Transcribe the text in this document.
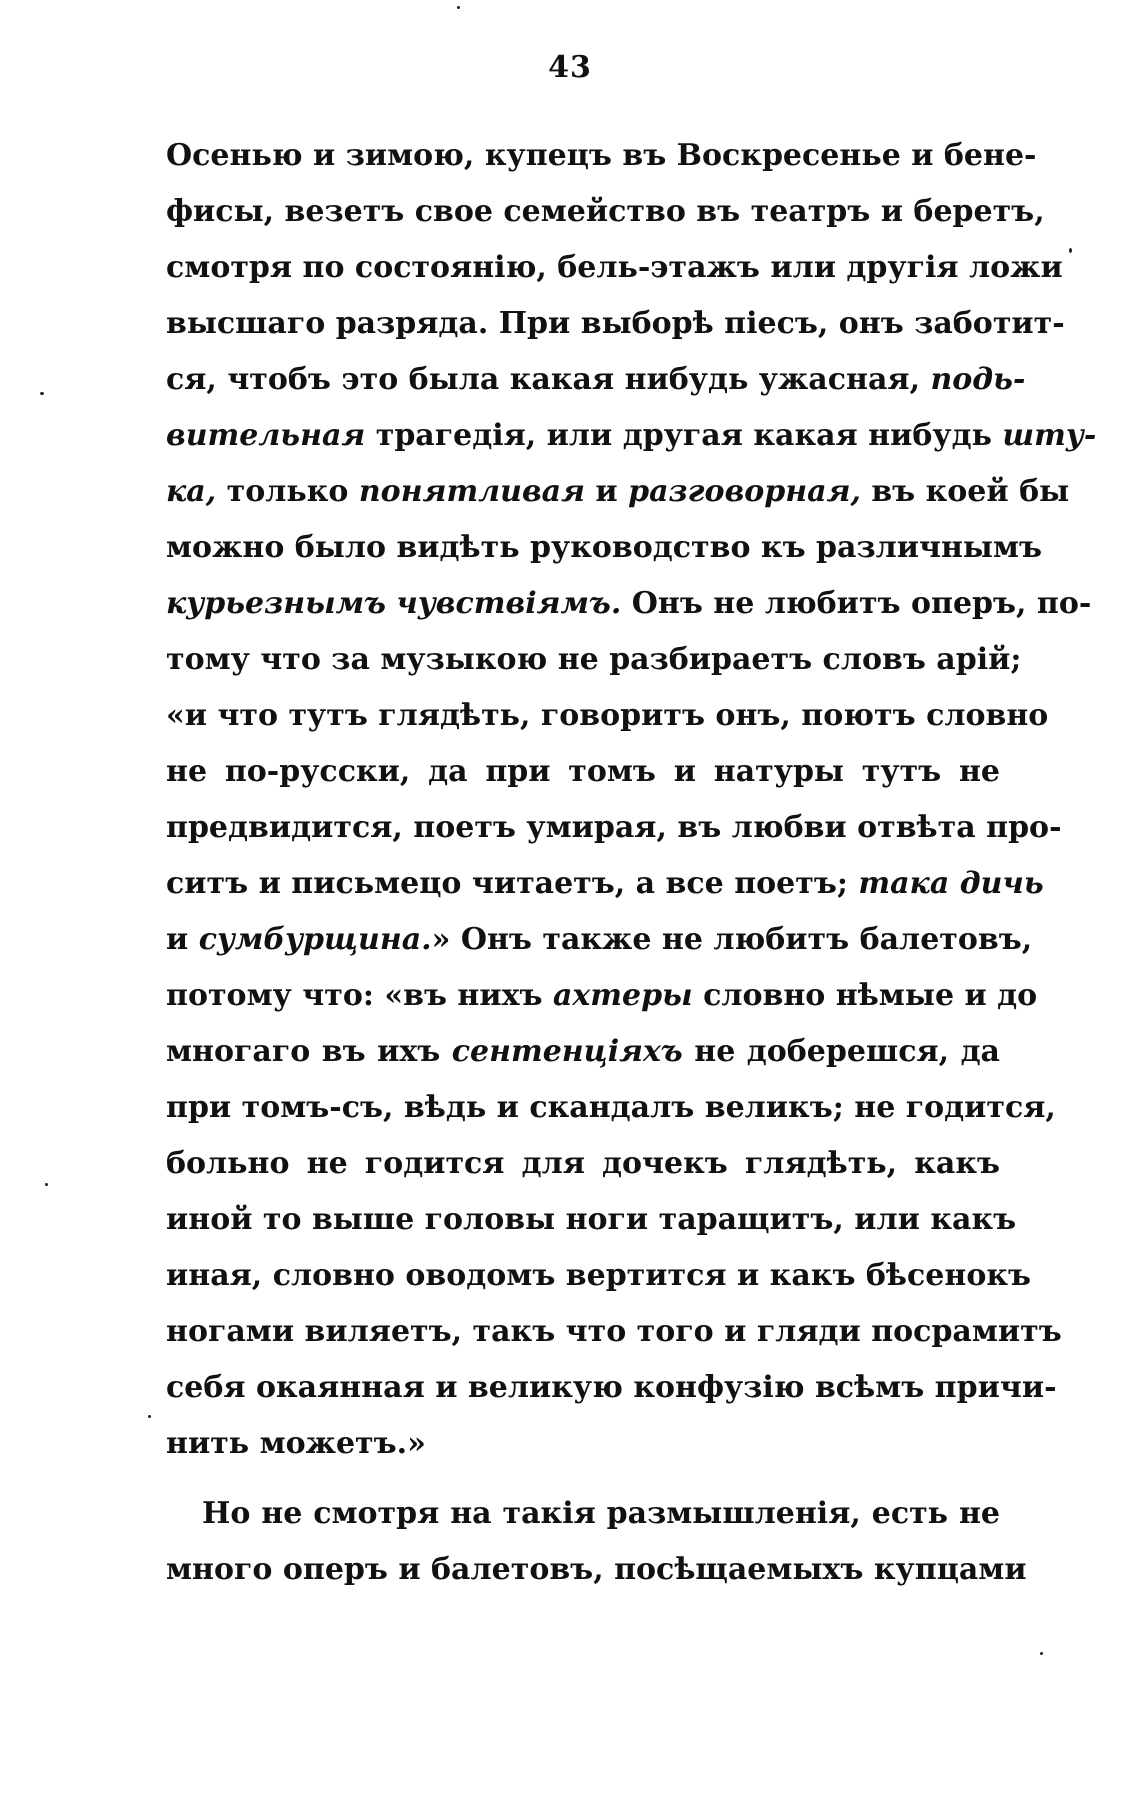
43
Осенью и зимою, купецъ въ Воскресенье и бене-
фисы, везетъ свое семейство въ театръ и беретъ,
смотря по состоянію, бель-этажъ или другія ложи
высшаго разряда. При выборѣ піесъ, онъ заботит-
ся, чтобъ это была какая нибудь ужасная, подь-
вительная трагедія, или другая какая нибудь шту-
ка, только понятливая и разговорная, въ коей бы
можно было видѣть руководство къ различнымъ
курьезнымъ чувствіямъ. Онъ не любитъ оперъ, по-
тому что за музыкою не разбираетъ словъ арій;
«и что тутъ глядѣть, говоритъ онъ, поютъ словно
не по-русски, да при томъ и натуры тутъ не
предвидится, поетъ умирая, въ любви отвѣта про-
ситъ и письмецо читаетъ, а все поетъ; така дичь
и сумбурщина.» Онъ также не любитъ балетовъ,
потому что: «въ нихъ ахтеры словно нѣмые и до
многаго въ ихъ сентенціяхъ не доберешся, да
при томъ-съ, вѣдь и скандалъ великъ; не годится,
больно не годится для дочекъ глядѣть, какъ
иной то выше головы ноги таращитъ, или какъ
иная, словно оводомъ вертится и какъ бѣсенокъ
ногами виляетъ, такъ что того и гляди посрамитъ
себя окаянная и великую конфузію всѣмъ причи-
нить можетъ.»
Но не смотря на такія размышленія, есть не
много оперъ и балетовъ, посѣщаемыхъ купцами
